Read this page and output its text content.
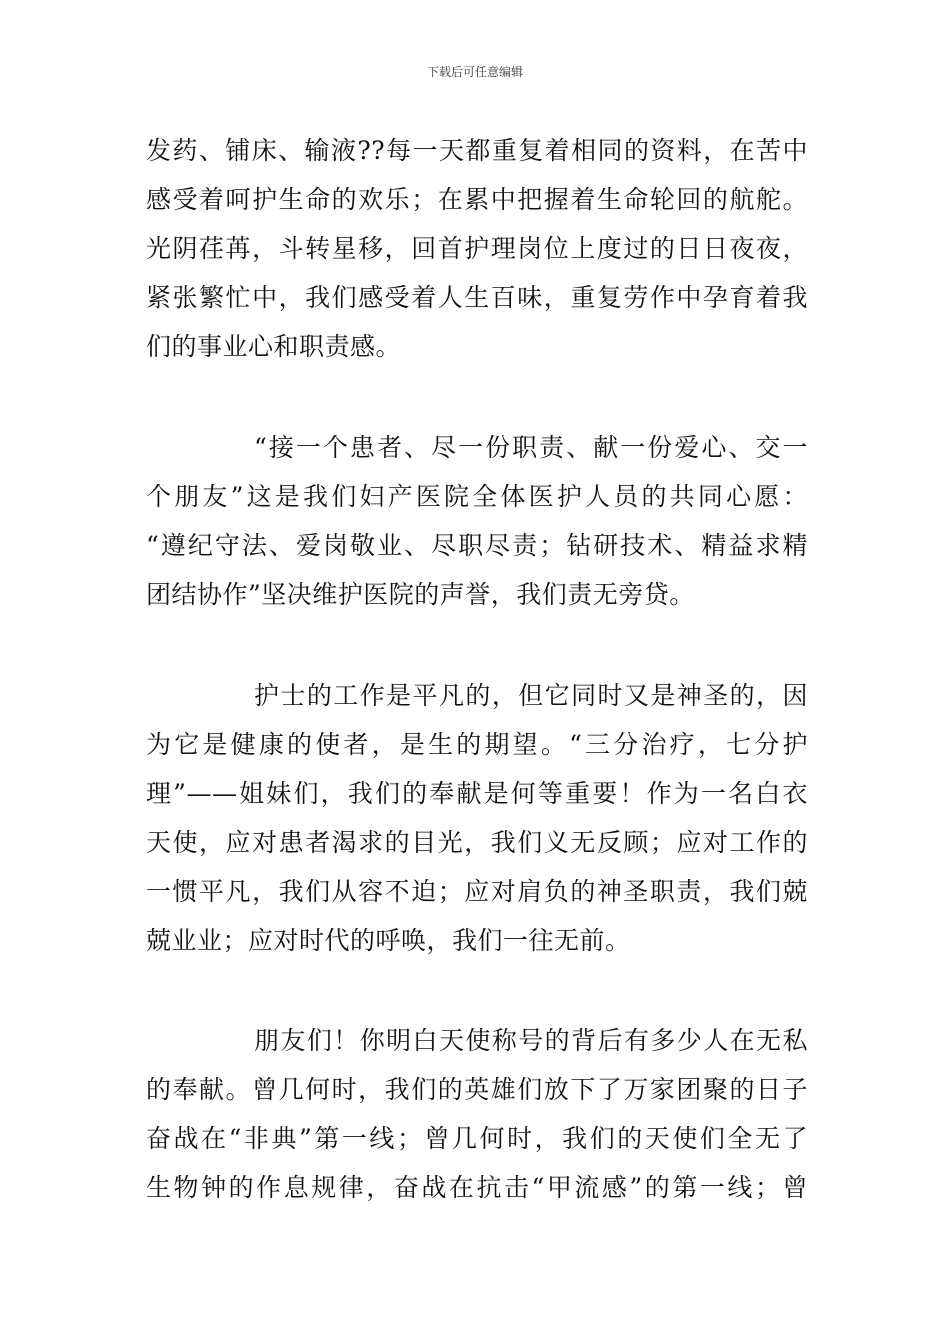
下载后可任意编辑
发药、铺床、输液??每一天都重复着相同的资料，在苦中
感受着呵护生命的欢乐；在累中把握着生命轮回的航舵。
光阴荏苒，斗转星移，回首护理岗位上度过的日日夜夜，
紧张繁忙中，我们感受着人生百味，重复劳作中孕育着我
们的事业心和职责感。
“接一个患者、尽一份职责、献一份爱心、交一
个朋友”这是我们妇产医院全体医护人员的共同心愿：
“遵纪守法、爱岗敬业、尽职尽责；钻研技术、精益求精
团结协作”坚决维护医院的声誉，我们责无旁贷。
护士的工作是平凡的，但它同时又是神圣的，因
为它是健康的使者，是生的期望。“三分治疗，七分护
理”——姐妹们，我们的奉献是何等重要！作为一名白衣
天使，应对患者渴求的目光，我们义无反顾；应对工作的
一惯平凡，我们从容不迫；应对肩负的神圣职责，我们兢
兢业业；应对时代的呼唤，我们一往无前。
朋友们！你明白天使称号的背后有多少人在无私
的奉献。曾几何时，我们的英雄们放下了万家团聚的日子
奋战在“非典”第一线；曾几何时，我们的天使们全无了
生物钟的作息规律，奋战在抗击“甲流感”的第一线；曾
